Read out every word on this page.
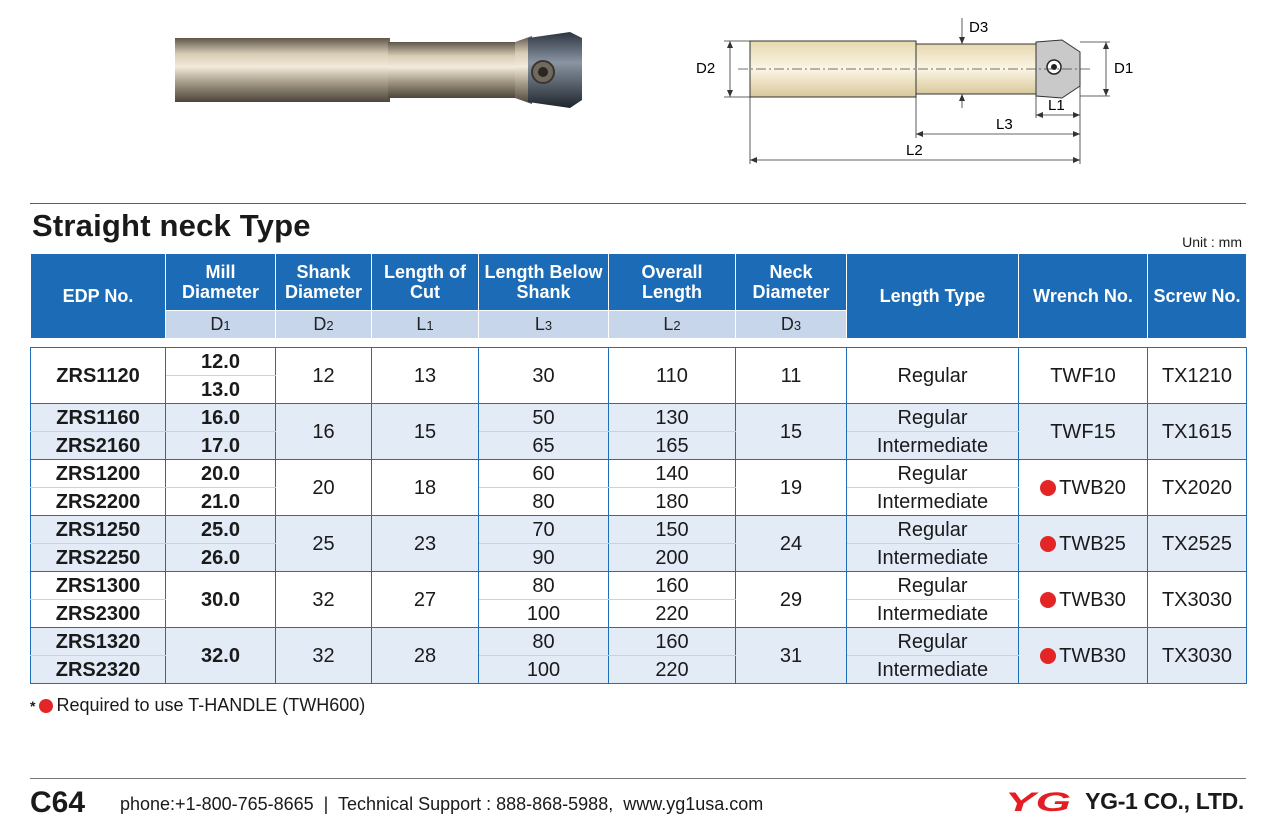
D2	D1
D3
L1
L3
L2
Straight neck Type	Unit : mm
EDP No.	Mill Diameter	Shank Diameter	Length of Cut	Length Below Shank	Overall Length	Neck Diameter	Length Type	Wrench No.	Screw No.
	D1	D2	L1	L3	L2	D3			

ZRS1120	12.0	12	13	30	110	11	Regular	TWF10	TX1210
	13.0								
ZRS1160	16.0	16	15	50	130	15	Regular	TWF15	TX1615
ZRS2160	17.0			65	165		Intermediate		
ZRS1200	20.0	20	18	60	140	19	Regular	TWB20	TX2020
ZRS2200	21.0			80	180		Intermediate		
ZRS1250	25.0	25	23	70	150	24	Regular	TWB25	TX2525
ZRS2250	26.0			90	200		Intermediate		
ZRS1300	30.0	32	27	80	160	29	Regular	TWB30	TX3030
ZRS2300				100	220		Intermediate		
ZRS1320	32.0	32	28	80	160	31	Regular	TWB30	TX3030
ZRS2320				100	220		Intermediate		
* Required to use T-HANDLE (TWH600)
C64 phone:+1-800-765-8665  |  Technical Support : 888-868-5988,  www.yg1usa.com	YG YG-1 CO., LTD.
